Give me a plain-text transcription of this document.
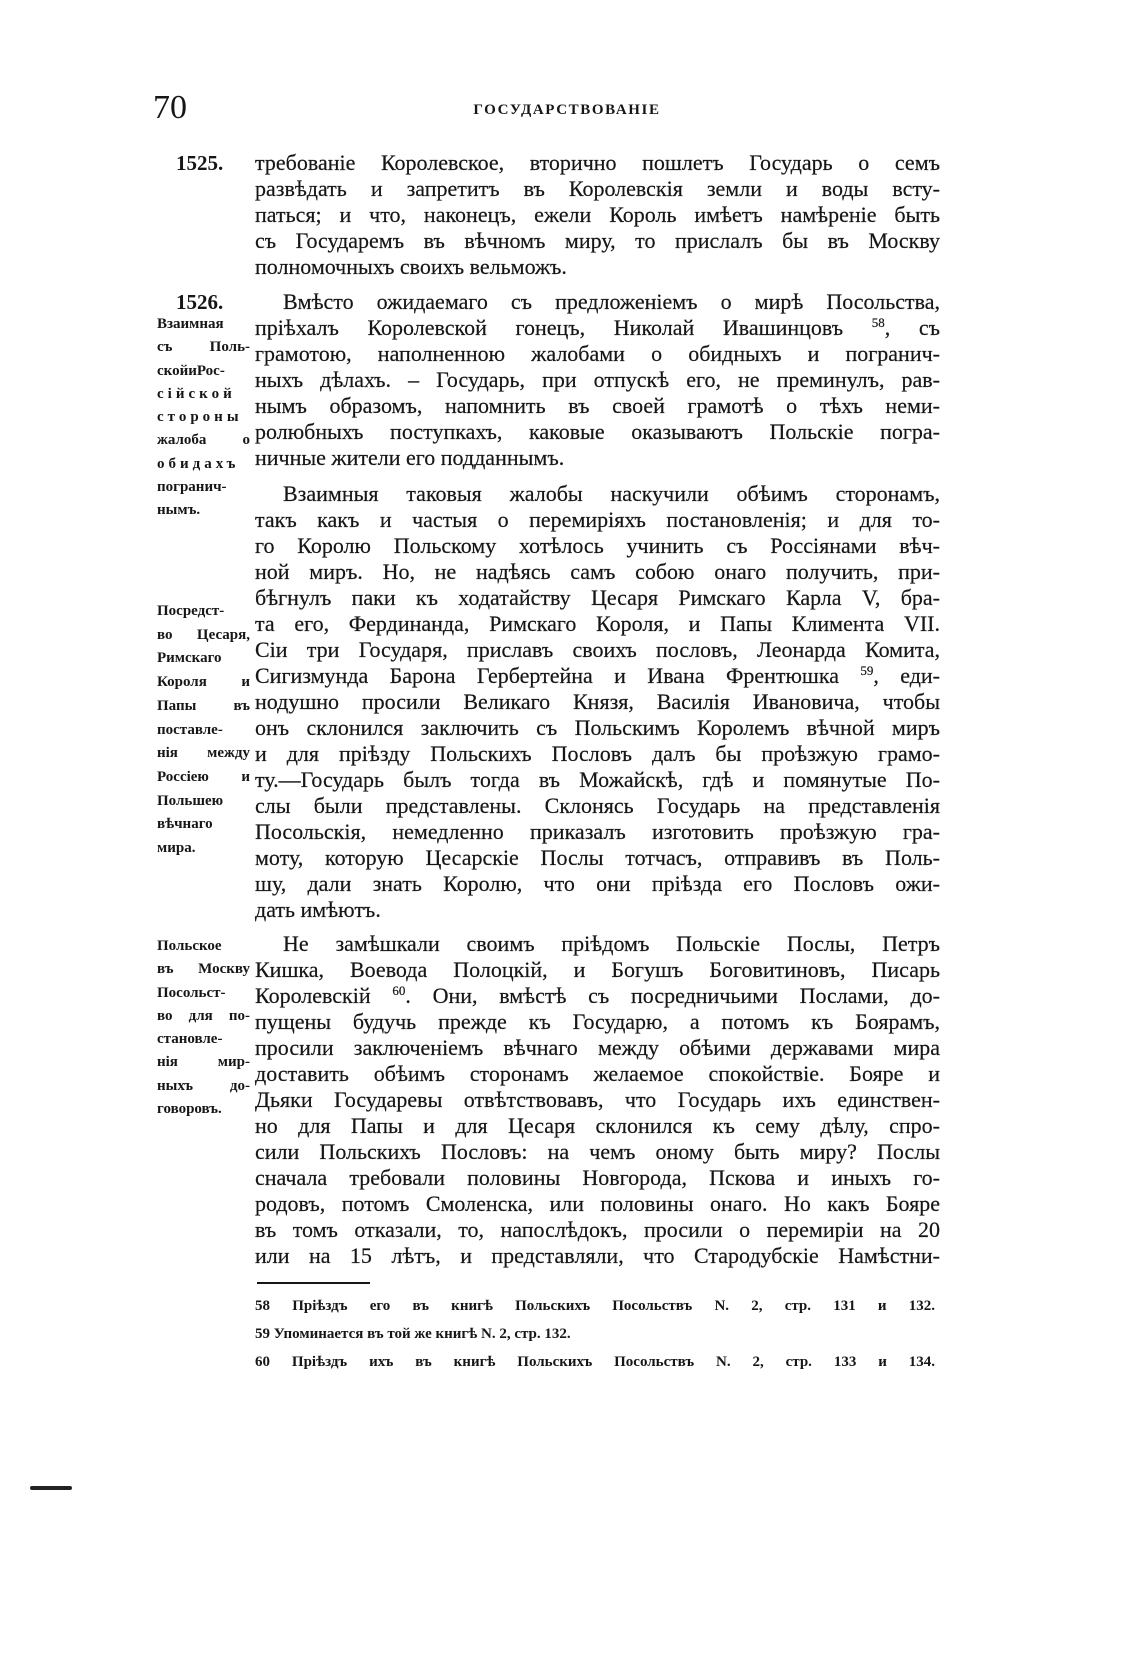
70	ГОСУДАРСТВОВАНІЕ
1525.
1526.
Взаимная
съ Поль-
скойиРос-
сійской
стороны
жалоба о
обидахъ
погранич-
нымъ.
Посредст-
во Цесаря,
Римскаго
Короля и
Папы въ
поставле-
нія между
Россіею и
Польшею
вѣчнаго
мира.
Польское
въ Москву
Посольст-
во для по-
становле-
нія мир-
ныхъ до-
говоровъ.
требованіе Королевское, вторично пошлетъ Государь о семъ
развѣдать и запретитъ въ Королевскія земли и воды всту-
паться; и что, наконецъ, ежели Король имѣетъ намѣреніе быть
съ Государемъ въ вѣчномъ миру, то прислалъ бы въ Москву
полномочныхъ своихъ вельможъ.
Вмѣсто ожидаемаго съ предложеніемъ о мирѣ Посольства,
пріѣхалъ Королевской гонецъ, Николай Ивашинцовъ $^{58}$, съ
грамотою, наполненною жалобами о обидныхъ и погранич-
ныхъ дѣлахъ. – Государь, при отпускѣ его, не преминулъ, рав-
нымъ образомъ, напомнить въ своей грамотѣ о тѣхъ неми-
ролюбныхъ поступкахъ, каковые оказываютъ Польскіе погра-
ничные жители его подданнымъ.
Взаимныя таковыя жалобы наскучили обѣимъ сторонамъ,
такъ какъ и частыя о перемиріяхъ постановленія; и для то-
го Королю Польскому хотѣлось учинить съ Россіянами вѣч-
ной миръ. Но, не надѣясь самъ собою онаго получить, при-
бѣгнулъ паки къ ходатайству Цесаря Римскаго Карла V, бра-
та его, Фердинанда, Римскаго Короля, и Папы Климента VII.
Сіи три Государя, приславъ своихъ пословъ, Леонарда Комита,
Сигизмунда Барона Гербертейна и Ивана Френтюшка $^{59}$, еди-
нодушно просили Великаго Князя, Василія Ивановича, чтобы
онъ склонился заключить съ Польскимъ Королемъ вѣчной миръ
и для пріѣзду Польскихъ Пословъ далъ бы проѣзжую грамо-
ту.—Государь былъ тогда въ Можайскѣ, гдѣ и помянутые По-
слы были представлены. Склонясь Государь на представленія
Посольскія, немедленно приказалъ изготовить проѣзжую гра-
моту, которую Цесарскіе Послы тотчасъ, отправивъ въ Поль-
шу, дали знать Королю, что они пріѣзда его Пословъ ожи-
дать имѣютъ.
Не замѣшкали своимъ пріѣдомъ Польскіе Послы, Петръ
Кишка, Воевода Полоцкій, и Богушъ Боговитиновъ, Писарь
Королевскій $^{60}$. Они, вмѣстѣ съ посредничьими Послами, до-
пущены будучь прежде къ Государю, а потомъ къ Боярамъ,
просили заключеніемъ вѣчнаго между обѣими державами мира
доставить обѣимъ сторонамъ желаемое спокойствіе. Бояре и
Дьяки Государевы отвѣтствовавъ, что Государь ихъ единствен-
но для Папы и для Цесаря склонился къ сему дѣлу, спро-
сили Польскихъ Пословъ: на чемъ оному быть миру? Послы
сначала требовали половины Новгорода, Пскова и иныхъ го-
родовъ, потомъ Смоленска, или половины онаго. Но какъ Бояре
въ томъ отказали, то, напослѣдокъ, просили о перемиріи на 20
или на 15 лѣтъ, и представляли, что Стародубскіе Намѣстни-
58 Пріѣздъ его въ книгѣ Польскихъ Посольствъ N. 2, стр. 131 и 132.
59 Упоминается въ той же книгѣ N. 2, стр. 132.
60 Пріѣздъ ихъ въ книгѣ Польскихъ Посольствъ N. 2, стр. 133 и 134.
